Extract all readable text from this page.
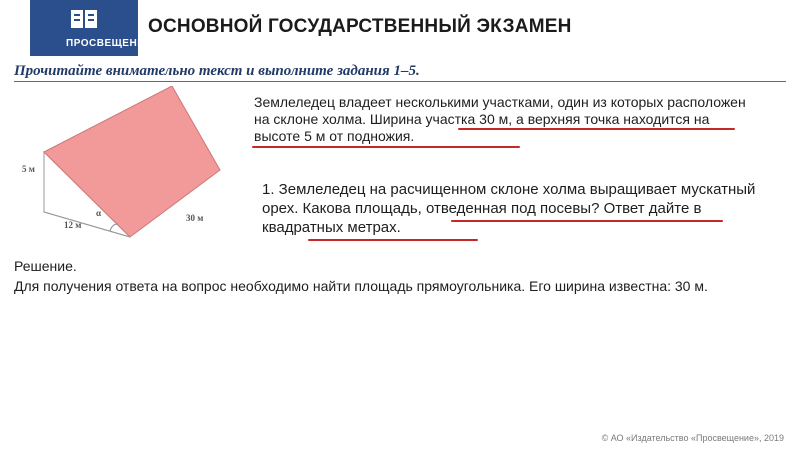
ПРОСВЕЩЕНИЕ
ОСНОВНОЙ ГОСУДАРСТВЕННЫЙ ЭКЗАМЕН
Прочитайте внимательно текст и выполните задания 1–5.
5 м
12 м
α	30 м
Землеледец владеет несколькими участками, один из которых расположен на склоне холма. Ширина участка 30 м, а верхняя точка находится на высоте 5 м от подножия.
1. Землеледец на расчищенном склоне холма выращивает мускатный орех. Какова площадь, отведенная под посевы? Ответ дайте в квадратных метрах.
Решение.
Для получения ответа на вопрос необходимо найти площадь прямоугольника. Его ширина известна: 30 м.
© АО «Издательство «Просвещение», 2019
